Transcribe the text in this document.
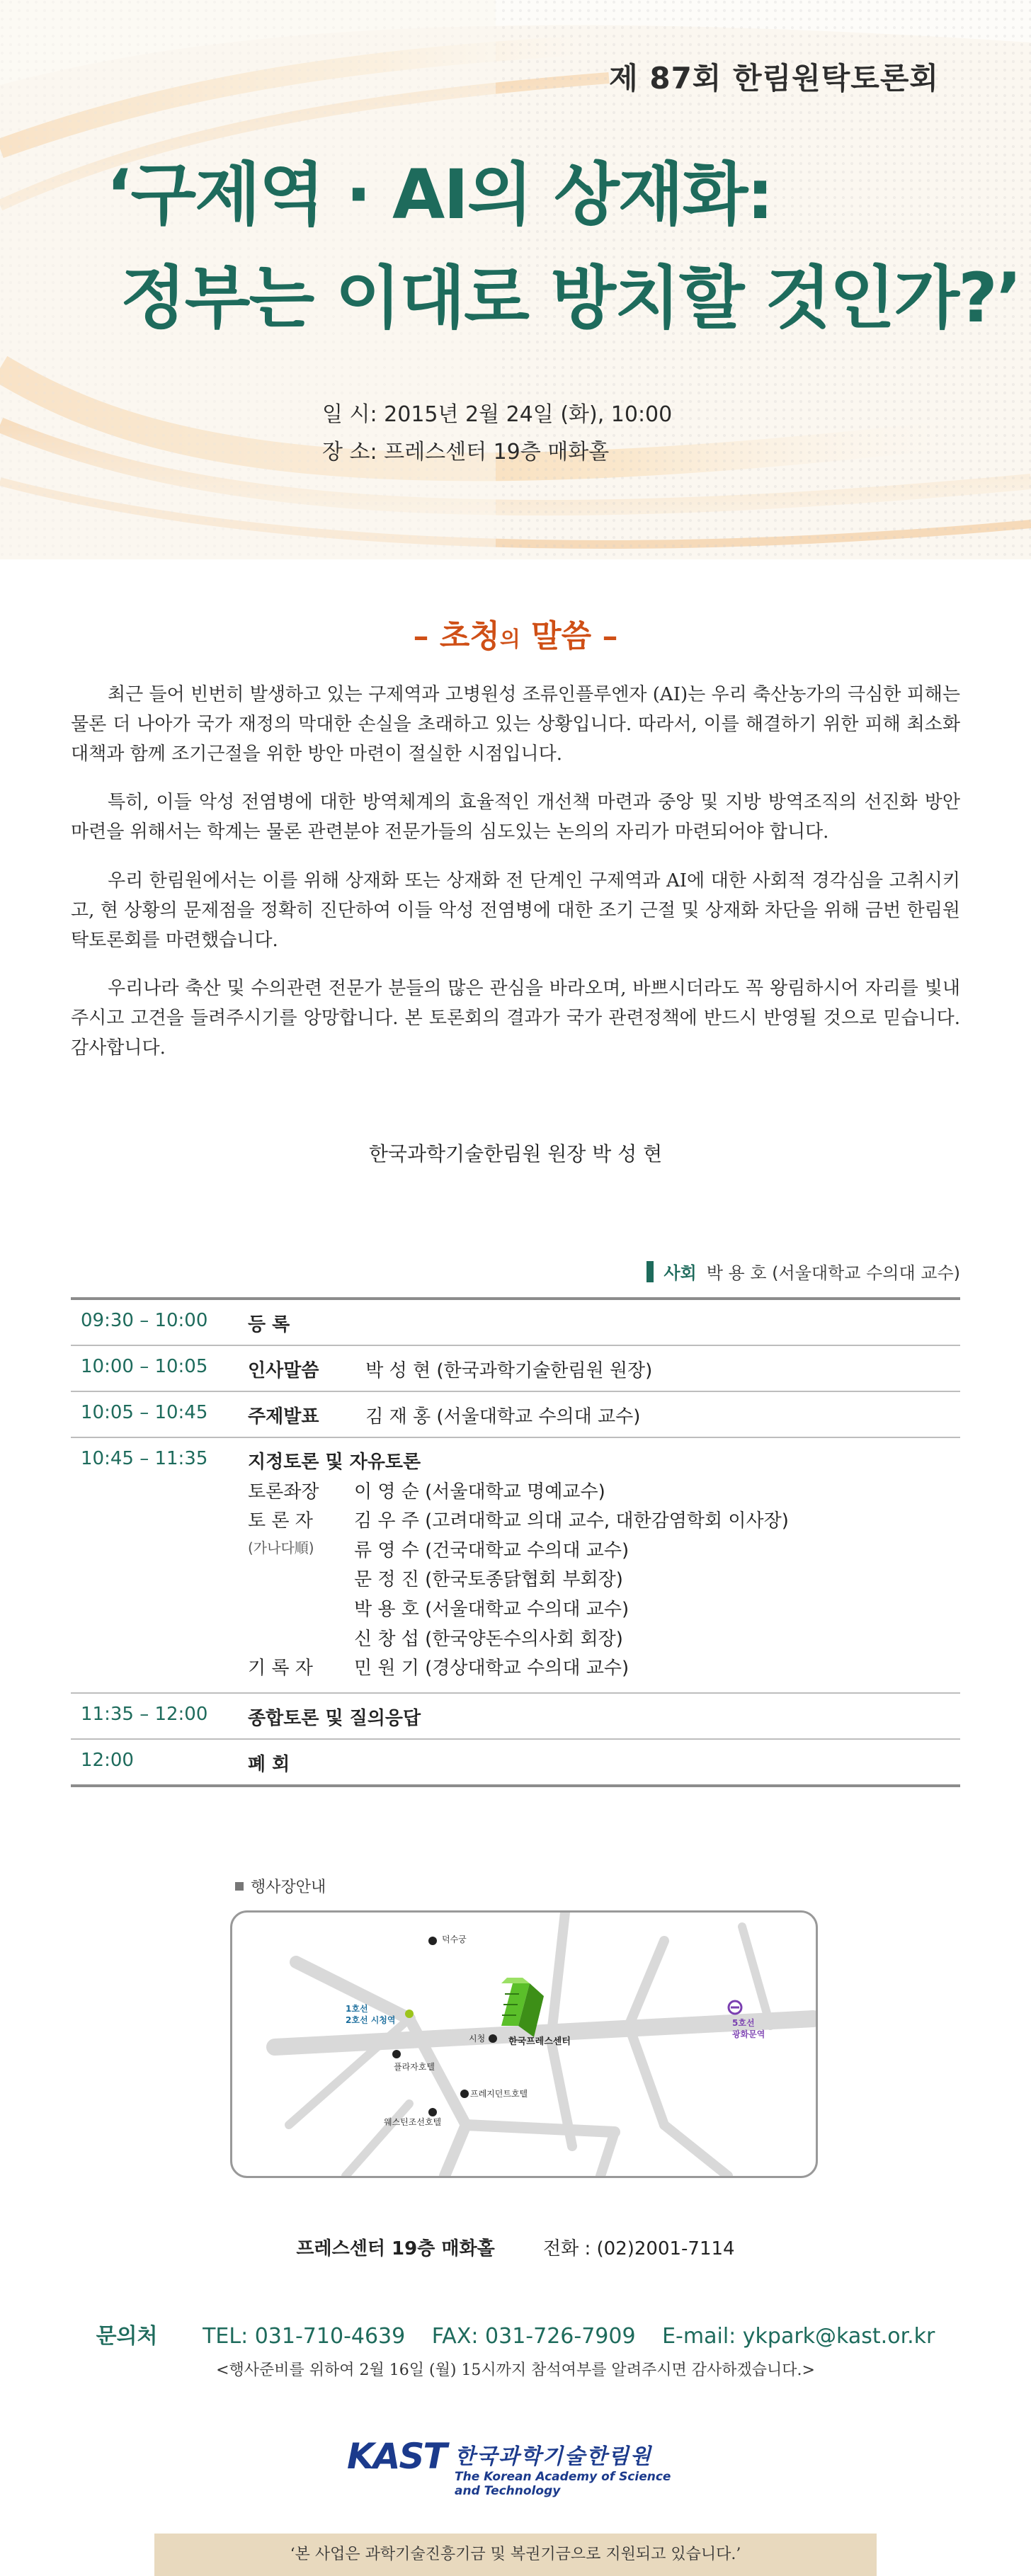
제 87회 한림원탁토론회
‘구제역 · AI의 상재화:
정부는 이대로 방치할 것인가?’
일 시: 2015년 2월 24일 (화), 10:00
장 소: 프레스센터 19층 매화홀
– 초청의 말씀 –

최근 들어 빈번히 발생하고 있는 구제역과 고병원성 조류인플루엔자 (AI)는 우리 축산농가의 극심한 피해는 물론 더 나아가 국가 재정의 막대한 손실을 초래하고 있는 상황입니다. 따라서, 이를 해결하기 위한 피해 최소화 대책과 함께 조기근절을 위한 방안 마련이 절실한 시점입니다.

특히, 이들 악성 전염병에 대한 방역체계의 효율적인 개선책 마련과 중앙 및 지방 방역조직의 선진화 방안 마련을 위해서는 학계는 물론 관련분야 전문가들의 심도있는 논의의 자리가 마련되어야 합니다.

우리 한림원에서는 이를 위해 상재화 또는 상재화 전 단계인 구제역과 AI에 대한 사회적 경각심을 고취시키고, 현 상황의 문제점을 정확히 진단하여 이들 악성 전염병에 대한 조기 근절 및 상재화 차단을 위해 금번 한림원탁토론회를 마련했습니다.

우리나라 축산 및 수의관련 전문가 분들의 많은 관심을 바라오며, 바쁘시더라도 꼭 왕림하시어 자리를 빛내 주시고 고견을 들려주시기를 앙망합니다. 본 토론회의 결과가 국가 관련정책에 반드시 반영될 것으로 믿습니다. 감사합니다.

한국과학기술한림원 원장 박 성 현
사회 박 용 호 (서울대학교 수의대 교수)
09:30 – 10:00	등 록
10:00 – 10:05	인사말씀	박 성 현 (한국과학기술한림원 원장)
10:05 – 10:45	주제발표	김 재 홍 (서울대학교 수의대 교수)
10:45 – 11:35	지정토론 및 자유토론
토론좌장	이 영 순 (서울대학교 명예교수)
토 론 자	김 우 주 (고려대학교 의대 교수, 대한감염학회 이사장)
(가나다順)	류 영 수 (건국대학교 수의대 교수)
문 정 진 (한국토종닭협회 부회장)
박 용 호 (서울대학교 수의대 교수)
신 창 섭 (한국양돈수의사회 회장)
기 록 자	민 원 기 (경상대학교 수의대 교수)
11:35 – 12:00	종합토론 및 질의응답
12:00	폐 회
행사장안내
덕수궁
1호선
2호선 시청역
플라자호텔
시청	한국프레스센터
5호선
광화문역
프레지던트호텔
웨스틴조선호텔
프레스센터 19층 매화홀	전화 : (02)2001-7114
문의처 TEL: 031-710-4639 FAX: 031-726-7909 E-mail: ykpark@kast.or.kr
<행사준비를 위하여 2월 16일 (월) 15시까지 참석여부를 알려주시면 감사하겠습니다.>
KAST 한국과학기술한림원
The Korean Academy of Science and Technology
‘본 사업은 과학기술진흥기금 및 복권기금으로 지원되고 있습니다.’
